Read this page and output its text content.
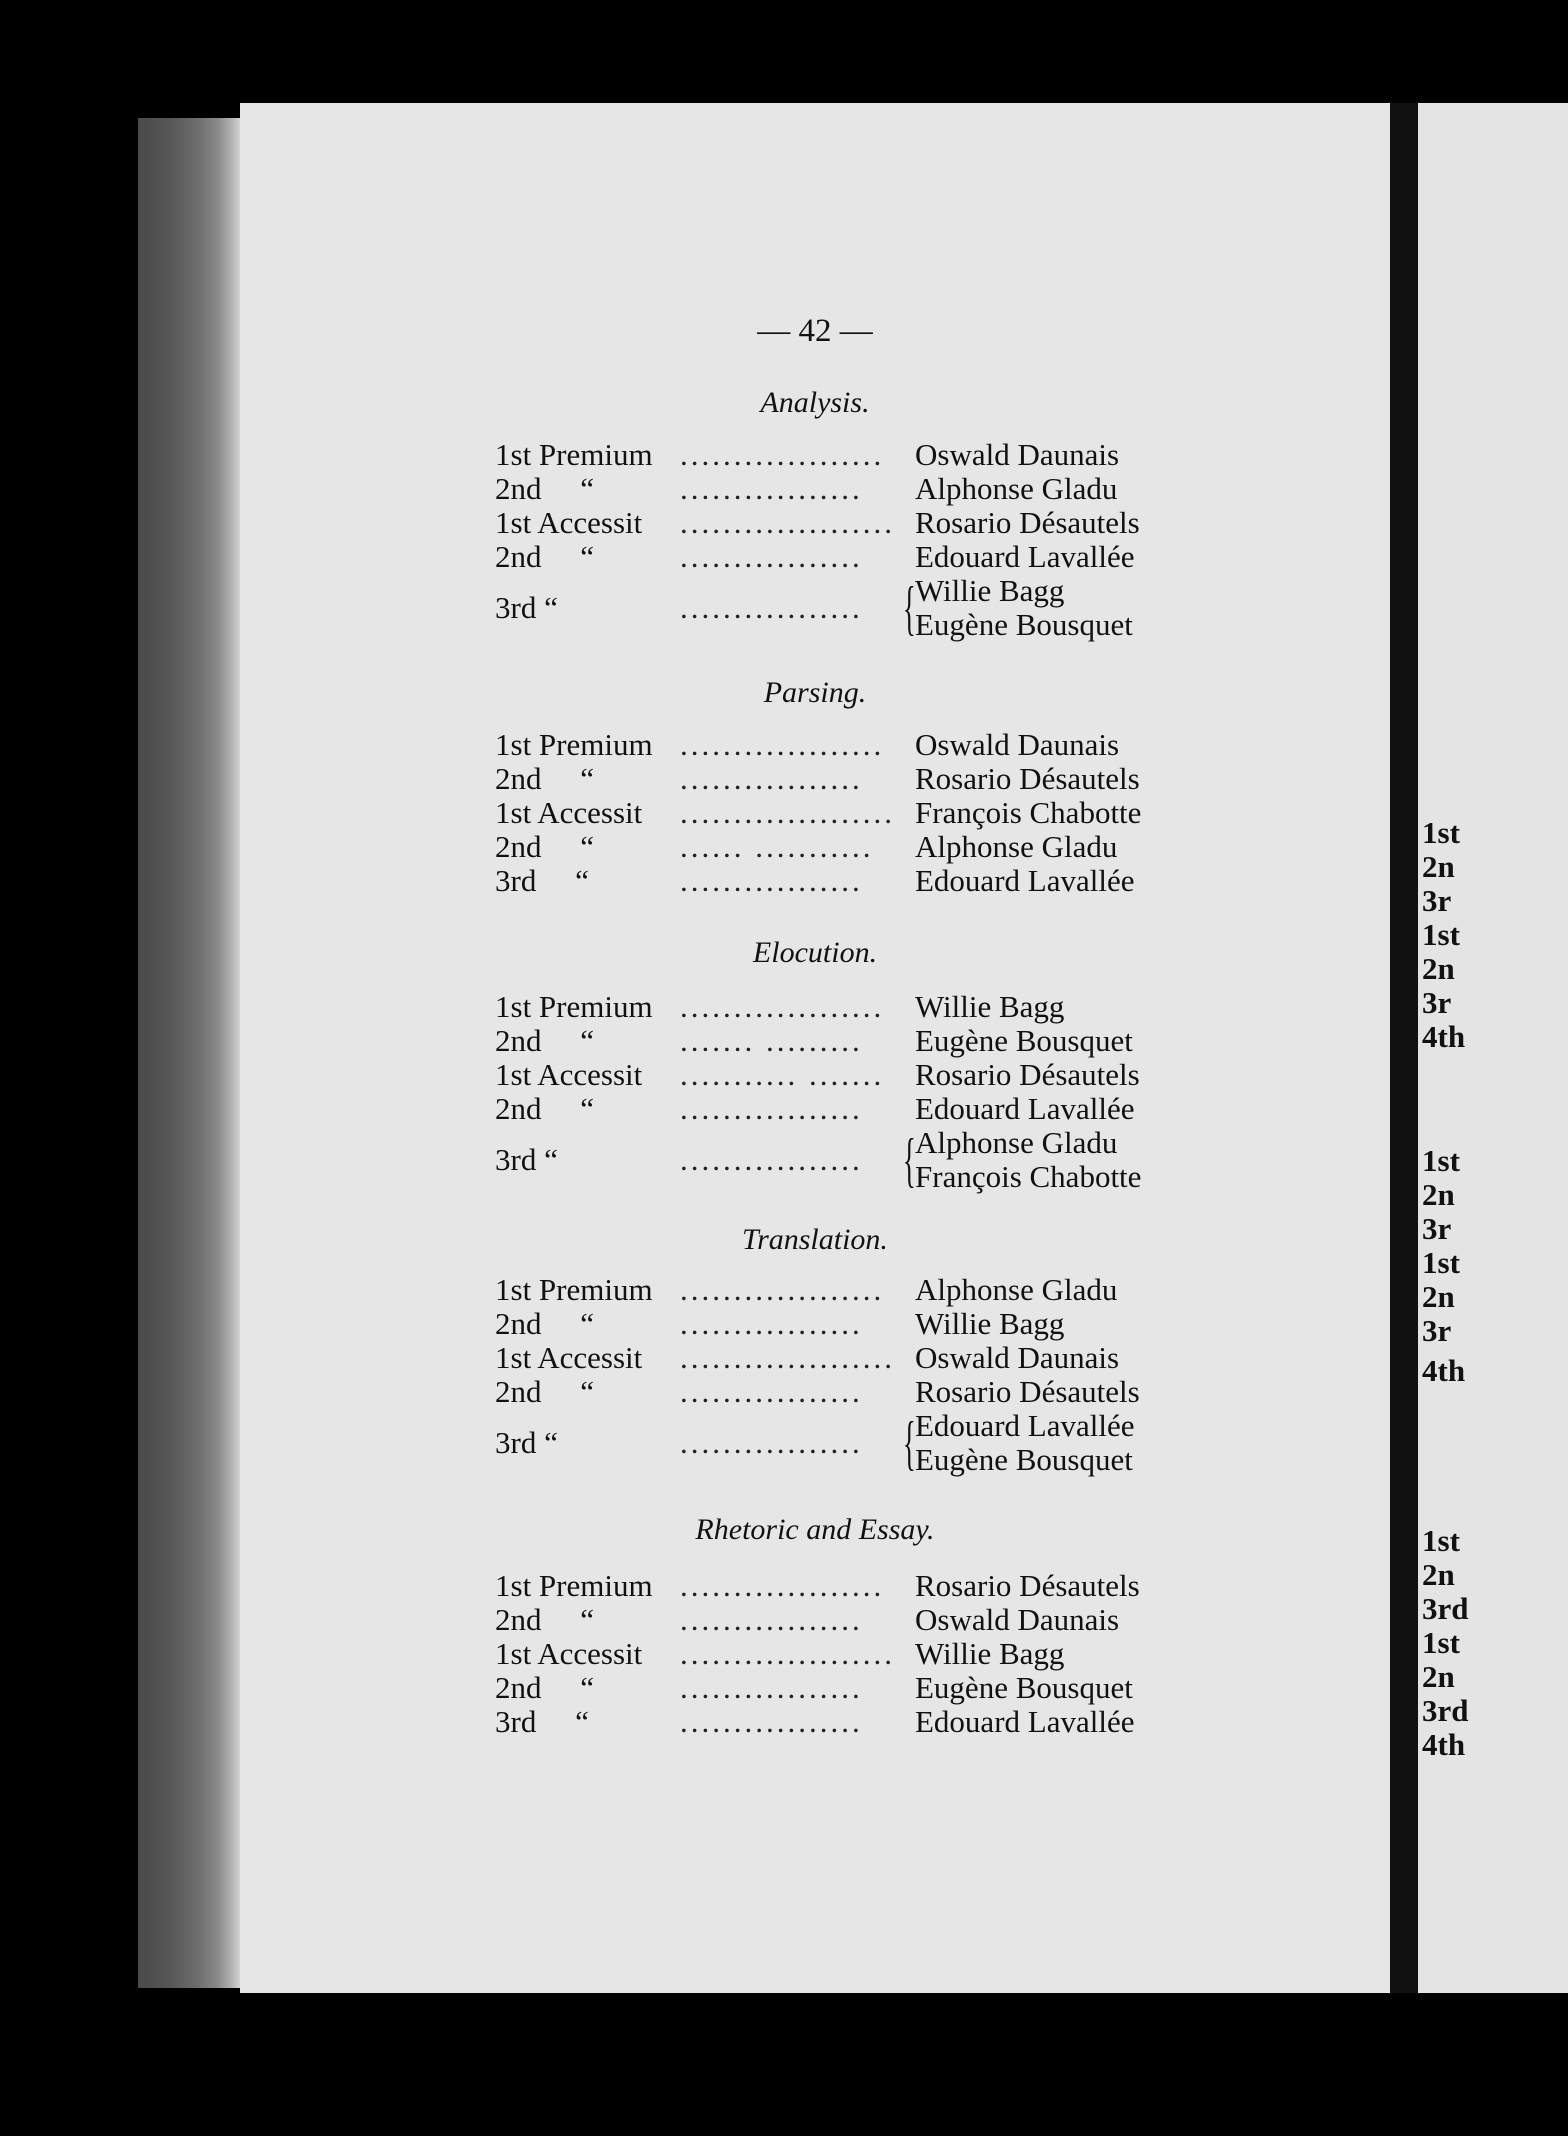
— 42 —
Analysis.
1st Premium ................... Oswald Daunais
2nd     “	................. Alphonse Gladu
1st Accessit .................... Rosario Désautels
2nd     “	................. Edouard Lavallée
3rd “	................. { Willie Bagg
Eugène Bousquet
Parsing.
1st Premium ................... Oswald Daunais
2nd     “	................. Rosario Désautels
1st Accessit .................... François Chabotte
2nd     “	...... ........... Alphonse Gladu
3rd     “	................. Edouard Lavallée
Elocution.
1st Premium ................... Willie Bagg
2nd     “	....... ......... Eugène Bousquet
1st Accessit ........... ....... Rosario Désautels
2nd     “	................. Edouard Lavallée
3rd “	................. { Alphonse Gladu
François Chabotte
Translation.
1st Premium ................... Alphonse Gladu
2nd     “	................. Willie Bagg
1st Accessit .................... Oswald Daunais
2nd     “	................. Rosario Désautels
3rd “	................. { Edouard Lavallée
Eugène Bousquet
Rhetoric and Essay.
1st Premium ................... Rosario Désautels
2nd     “	................. Oswald Daunais
1st Accessit .................... Willie Bagg
2nd     “	................. Eugène Bousquet
3rd     “	................. Edouard Lavallée
1st
2n
3r
1st
2n
3r
4th
1st
2n
3r
1st
2n
3r
4th
1st
2n
3rd
1st
2n
3rd
4th
